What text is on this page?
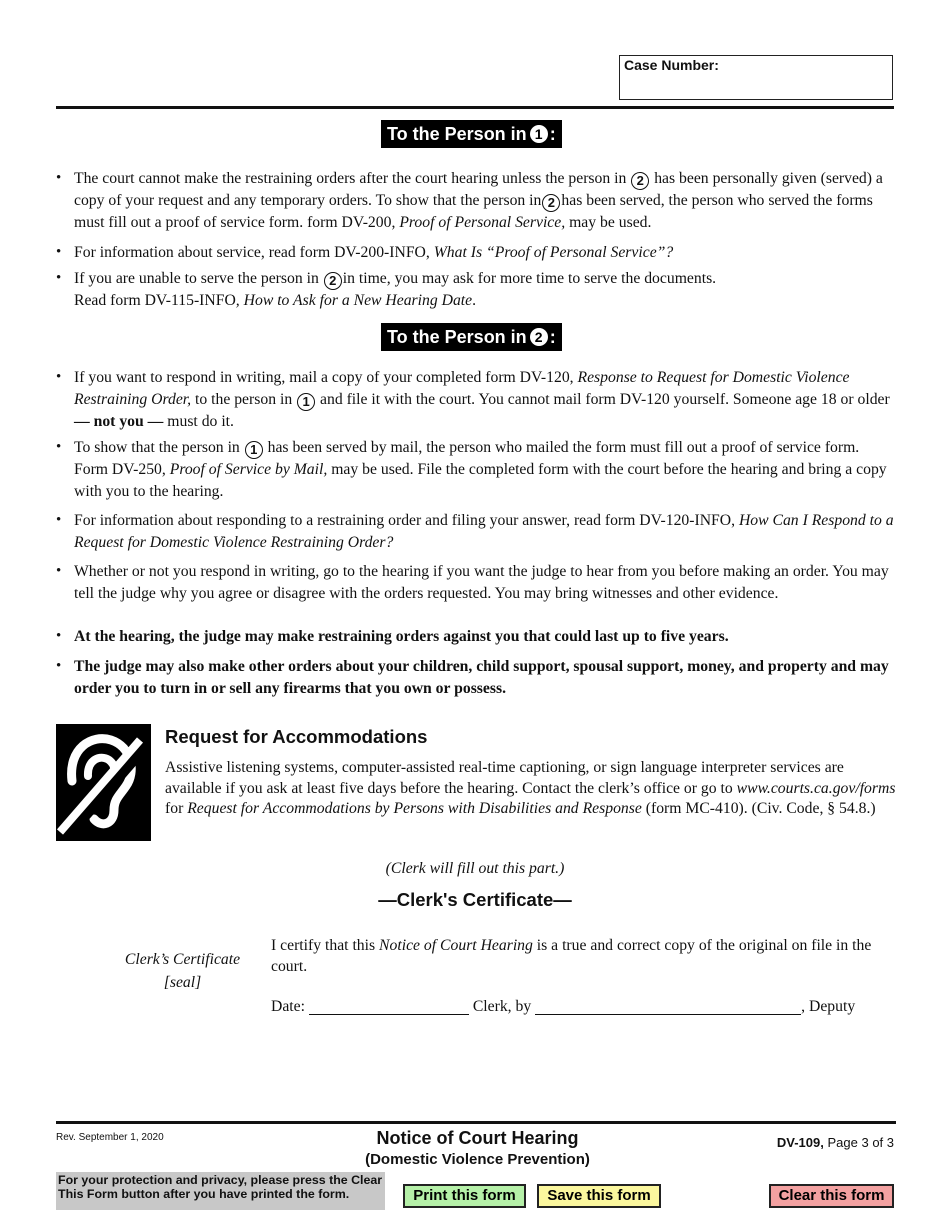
Case Number:
To the Person in 1 :
• The court cannot make the restraining orders after the court hearing unless the person in 2 has been personally given (served) a copy of your request and any temporary orders. To show that the person in 2 has been served, the person who served the forms must fill out a proof of service form. form DV-200, Proof of Personal Service, may be used.
• For information about service, read form DV-200-INFO, What Is “Proof of Personal Service”?
• If you are unable to serve the person in 2 in time, you may ask for more time to serve the documents.
Read form DV-115-INFO, How to Ask for a New Hearing Date.
To the Person in 2 :
• If you want to respond in writing, mail a copy of your completed form DV-120, Response to Request for Domestic Violence Restraining Order, to the person in 1 and file it with the court. You cannot mail form DV-120 yourself. Someone age 18 or older — not you — must do it.
• To show that the person in 1 has been served by mail, the person who mailed the form must fill out a proof of service form. Form DV-250, Proof of Service by Mail, may be used. File the completed form with the court before the hearing and bring a copy with you to the hearing.
• For information about responding to a restraining order and filing your answer, read form DV-120-INFO, How Can I Respond to a Request for Domestic Violence Restraining Order?
• Whether or not you respond in writing, go to the hearing if you want the judge to hear from you before making an order. You may tell the judge why you agree or disagree with the orders requested. You may bring witnesses and other evidence.
• At the hearing, the judge may make restraining orders against you that could last up to five years.
• The judge may also make other orders about your children, child support, spousal support, money, and property and may order you to turn in or sell any firearms that you own or possess.
Request for Accommodations
Assistive listening systems, computer-assisted real-time captioning, or sign language interpreter services are available if you ask at least five days before the hearing. Contact the clerk’s office or go to www.courts.ca.gov/forms for Request for Accommodations by Persons with Disabilities and Response (form MC-410). (Civ. Code, § 54.8.)
(Clerk will fill out this part.)
—Clerk's Certificate—
Clerk’s Certificate
[seal]
I certify that this Notice of Court Hearing is a true and correct copy of the original on file in the court.
Date:	Clerk, by	, Deputy
Rev. September 1, 2020	Notice of Court Hearing
(Domestic Violence Prevention)
DV-109, Page 3 of 3
For your protection and privacy, please press the Clear This Form button after you have printed the form.	Print this form	Save this form	Clear this form
